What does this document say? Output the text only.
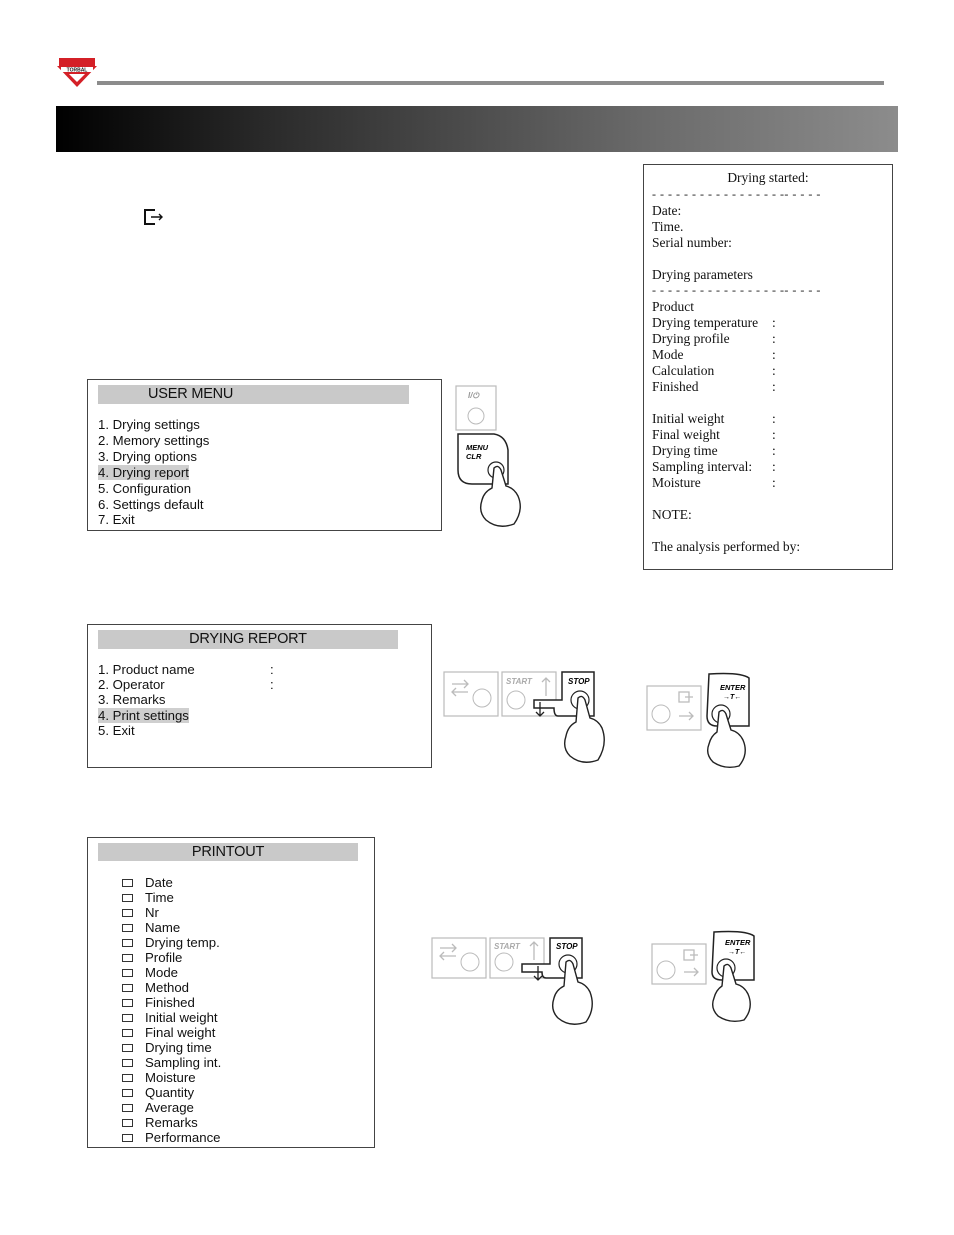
TORBAL
Drying started:
- - - - - - - - - - - - - - - - -- - - - -
Date:
Time.
Serial number:
Drying parameters
- - - - - - - - - - - - - - - - -- - - - -
Product
Drying temperature :
Drying profile	:
Mode	:
Calculation	:
Finished	:
Initial weight	:
Final weight	:
Drying time	:
Sampling interval: :
Moisture	:
NOTE:
The analysis performed by:
USER MENU
1. Drying settings
2. Memory settings
3. Drying options
4. Drying report
5. Configuration
6. Settings default
7. Exit
I/⏻
MENU
CLR
DRYING REPORT
1. Product name	:
2. Operator	:
3. Remarks
4. Print settings
5. Exit
START	STOP
ENTER
→T←
PRINTOUT
Date
Time
Nr
Name
Drying temp.
Profile
Mode
Method
Finished
Initial weight
Final weight
Drying time
Sampling int.
Moisture
Quantity
Average
Remarks
Performance
START	STOP	ENTER
→T←
